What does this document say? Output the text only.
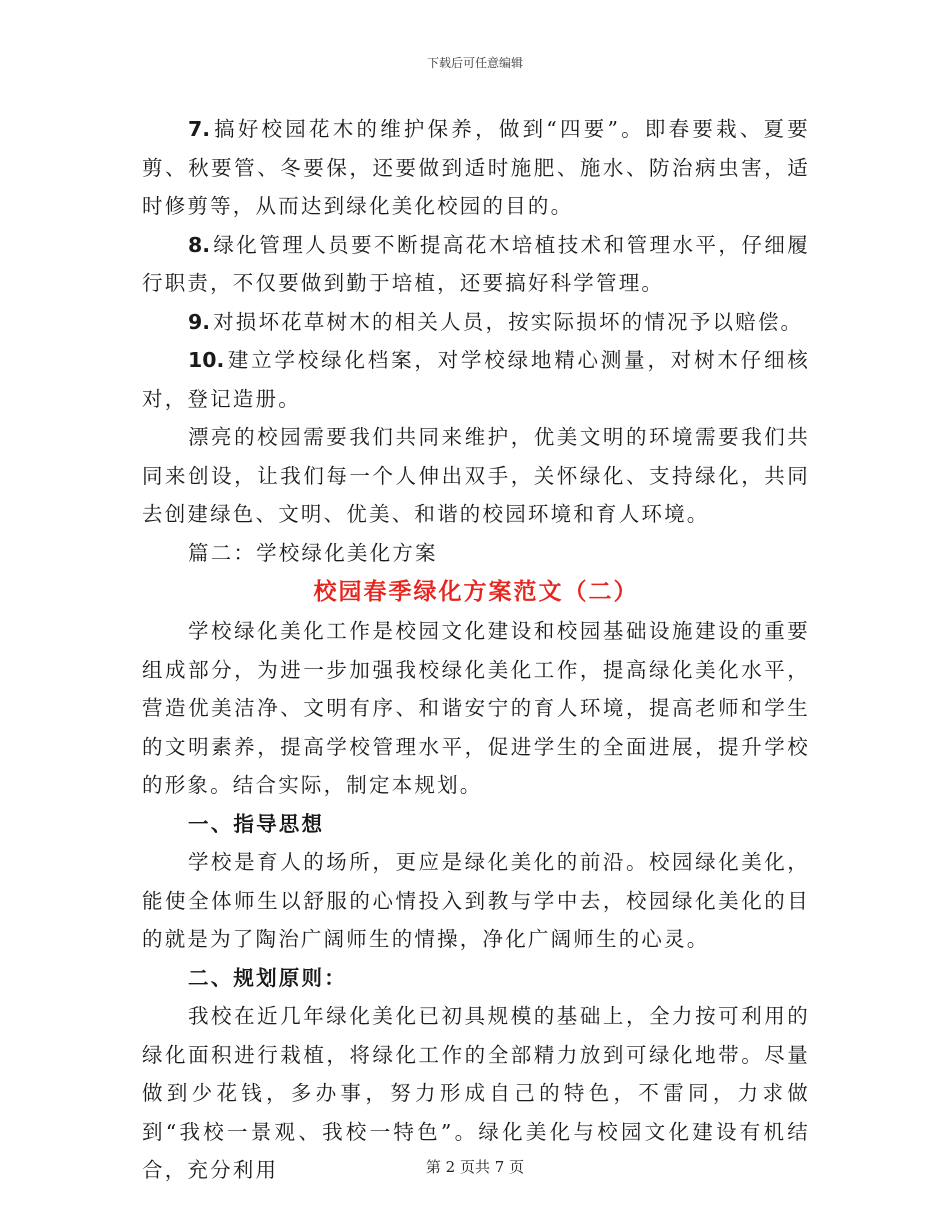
下载后可任意编辑

7. 搞好校园花木的维护保养，做到“四要”。即春要栽、夏要剪、秋要管、冬要保，还要做到适时施肥、施水、防治病虫害，适时修剪等，从而达到绿化美化校园的目的。

8. 绿化管理人员要不断提高花木培植技术和管理水平，仔细履行职责，不仅要做到勤于培植，还要搞好科学管理。

9. 对损坏花草树木的相关人员，按实际损坏的情况予以赔偿。

10. 建立学校绿化档案，对学校绿地精心测量，对树木仔细核对，登记造册。

漂亮的校园需要我们共同来维护，优美文明的环境需要我们共同来创设，让我们每一个人伸出双手，关怀绿化、支持绿化，共同去创建绿色、文明、优美、和谐的校园环境和育人环境。

篇二：学校绿化美化方案

校园春季绿化方案范文（二）

学校绿化美化工作是校园文化建设和校园基础设施建设的重要组成部分，为进一步加强我校绿化美化工作，提高绿化美化水平，营造优美洁净、文明有序、和谐安宁的育人环境，提高老师和学生的文明素养，提高学校管理水平，促进学生的全面进展，提升学校的形象。结合实际，制定本规划。

一、指导思想

学校是育人的场所，更应是绿化美化的前沿。校园绿化美化，能使全体师生以舒服的心情投入到教与学中去，校园绿化美化的目的就是为了陶治广阔师生的情操，净化广阔师生的心灵。

二、规划原则：

我校在近几年绿化美化已初具规模的基础上，全力按可利用的绿化面积进行栽植，将绿化工作的全部精力放到可绿化地带。尽量做到少花钱，多办事，努力形成自己的特色，不雷同，力求做到“我校一景观、我校一特色”。绿化美化与校园文化建设有机结合，充分利用	第 2 页共 7 页
